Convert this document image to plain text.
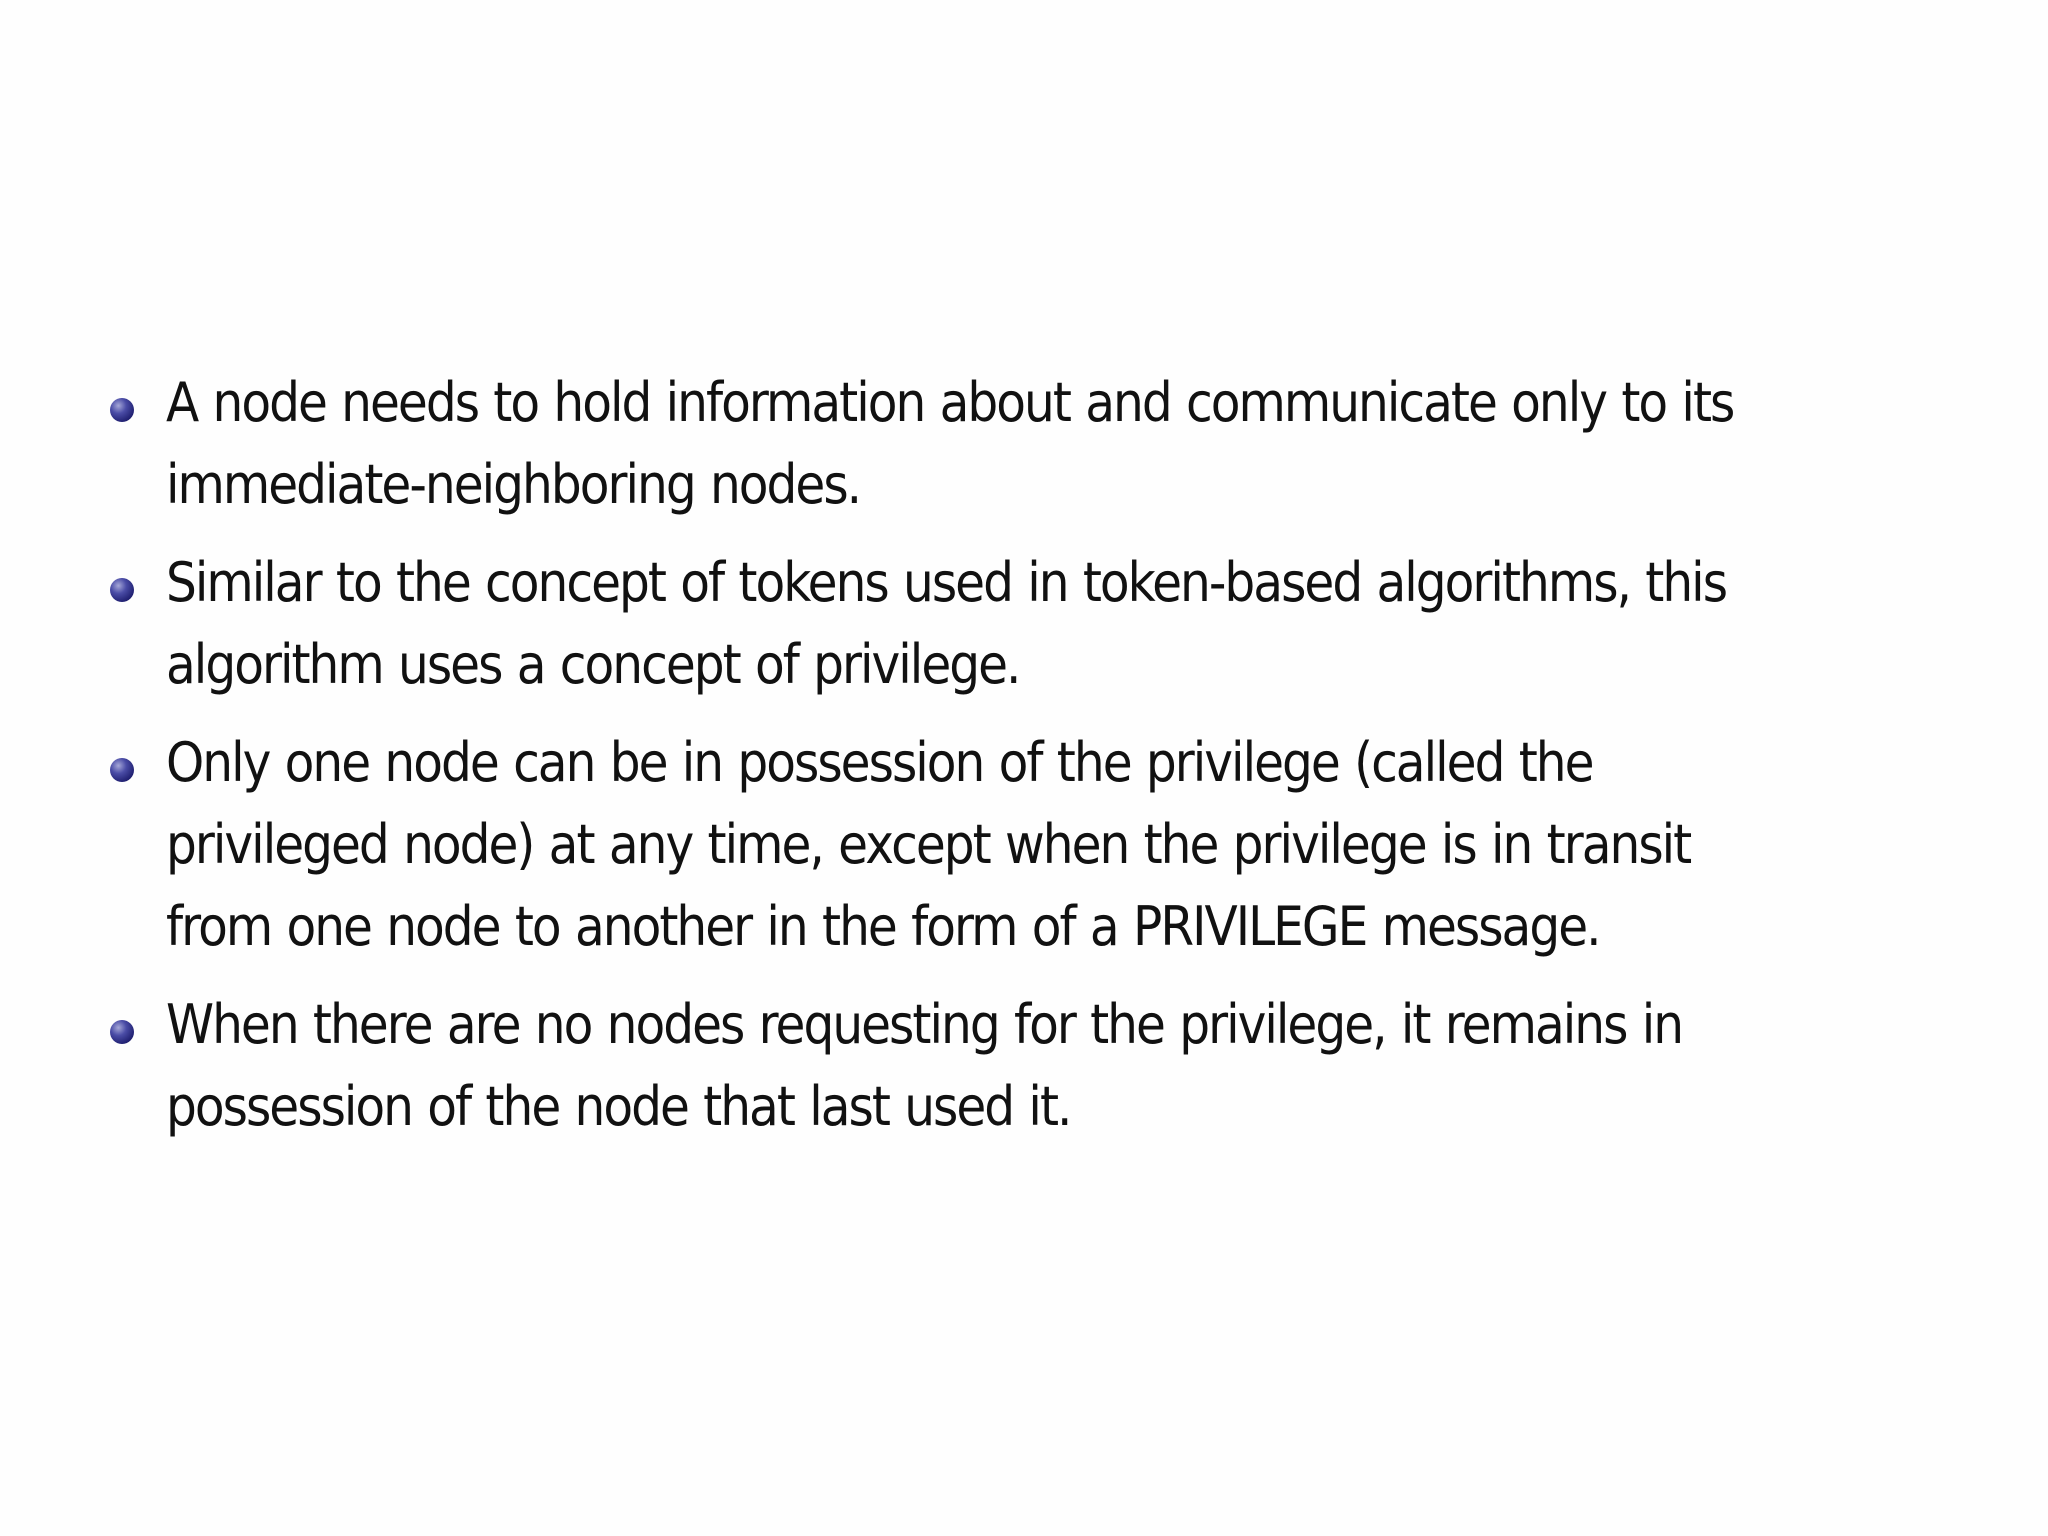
A node needs to hold information about and communicate only to its immediate-neighboring nodes.
Similar to the concept of tokens used in token-based algorithms, this algorithm uses a concept of privilege.
Only one node can be in possession of the privilege (called the privileged node) at any time, except when the privilege is in transit from one node to another in the form of a PRIVILEGE message.
When there are no nodes requesting for the privilege, it remains in possession of the node that last used it.
